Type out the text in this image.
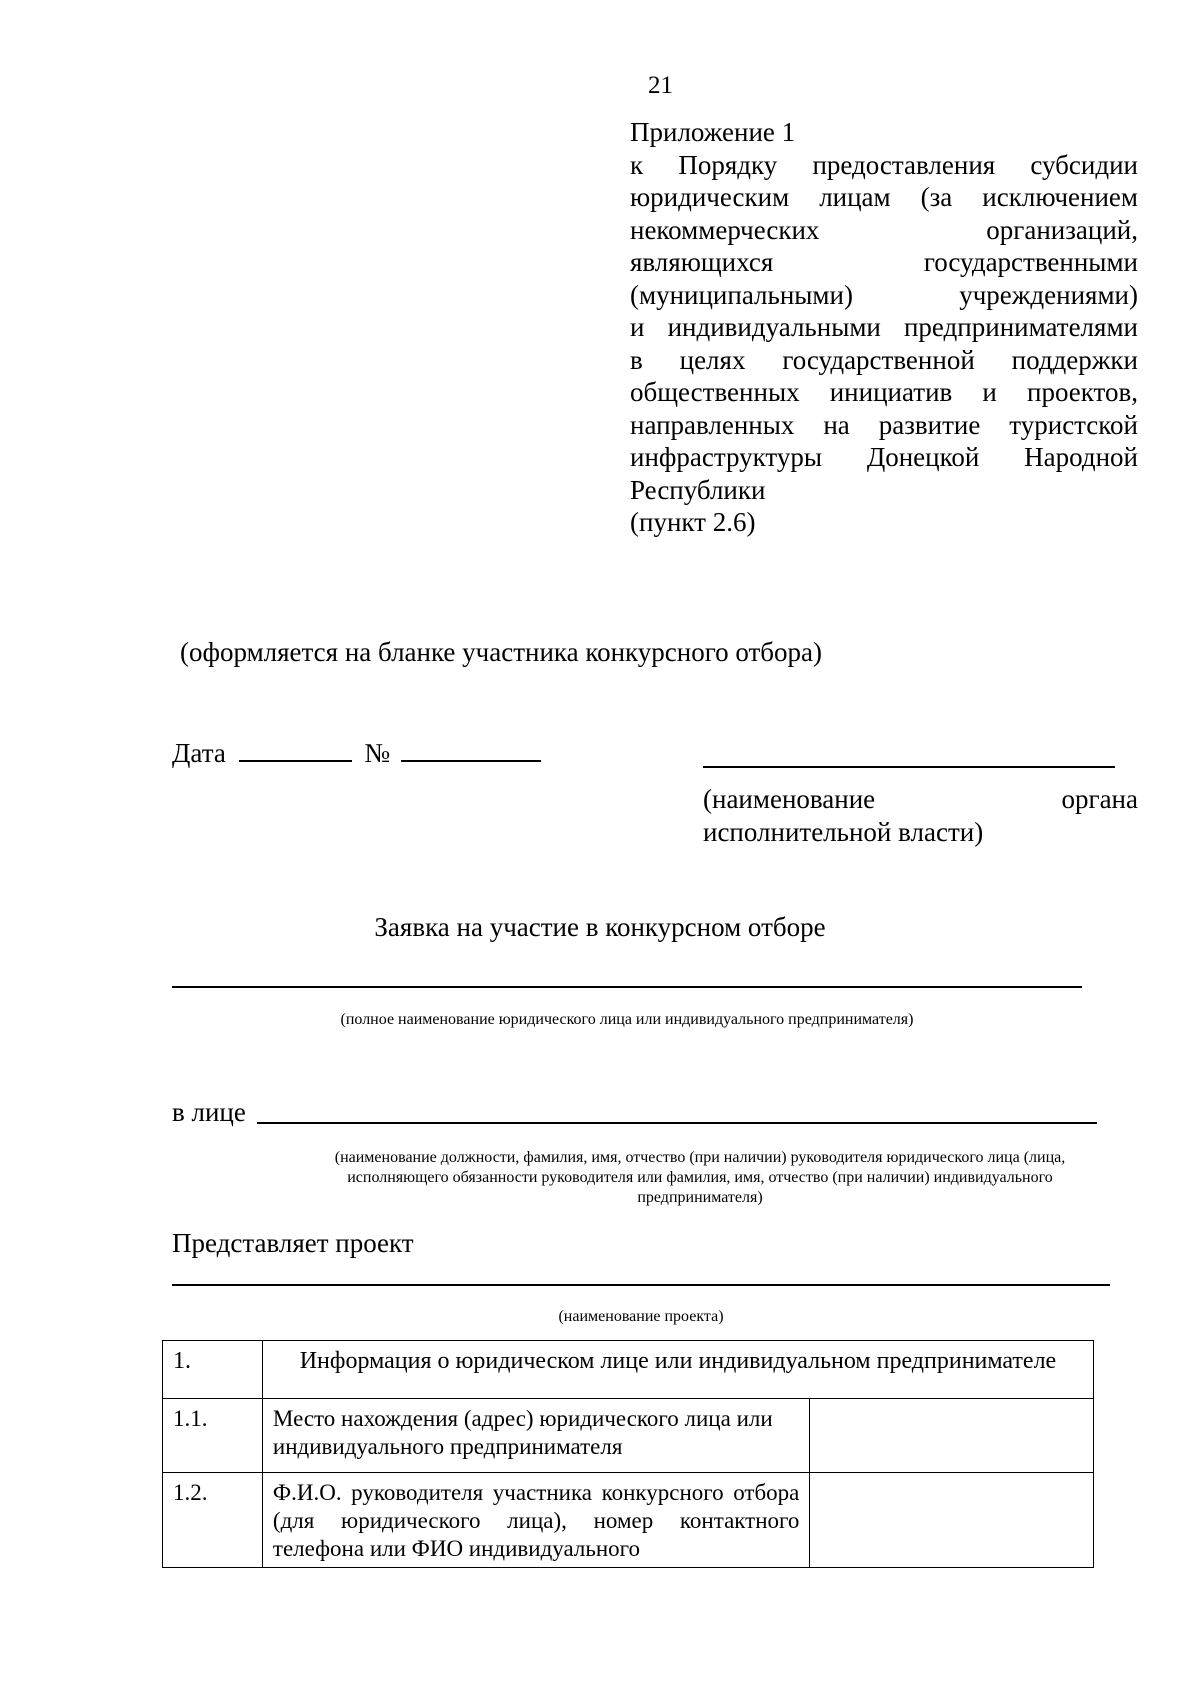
21
Приложение 1
к Порядку предоставления субсидии
юридическим лицам (за исключением
некоммерческих организаций,
являющихся государственными
(муниципальными) учреждениями)
и индивидуальными предпринимателями
в целях государственной поддержки
общественных инициатив и проектов,
направленных на развитие туристской
инфраструктуры Донецкой Народной
Республики
(пункт 2.6)
(оформляется на бланке участника конкурсного отбора)
Дата	№
(наименование органа
исполнительной власти)
Заявка на участие в конкурсном отборе
(полное наименование юридического лица или индивидуального предпринимателя)
в лице
(наименование должности, фамилия, имя, отчество (при наличии) руководителя юридического лица (лица,
исполняющего обязанности руководителя или фамилия, имя, отчество (при наличии) индивидуального
предпринимателя)
Представляет проект
(наименование проекта)
1.	Информация о юридическом лице или индивидуальном предпринимателе	
1.1.	Место нахождения (адрес) юридического лица или индивидуального предпринимателя	
1.2.	Ф.И.О. руководителя участника конкурсного отбора (для юридического лица), номер контактного телефона или ФИО индивидуального	
